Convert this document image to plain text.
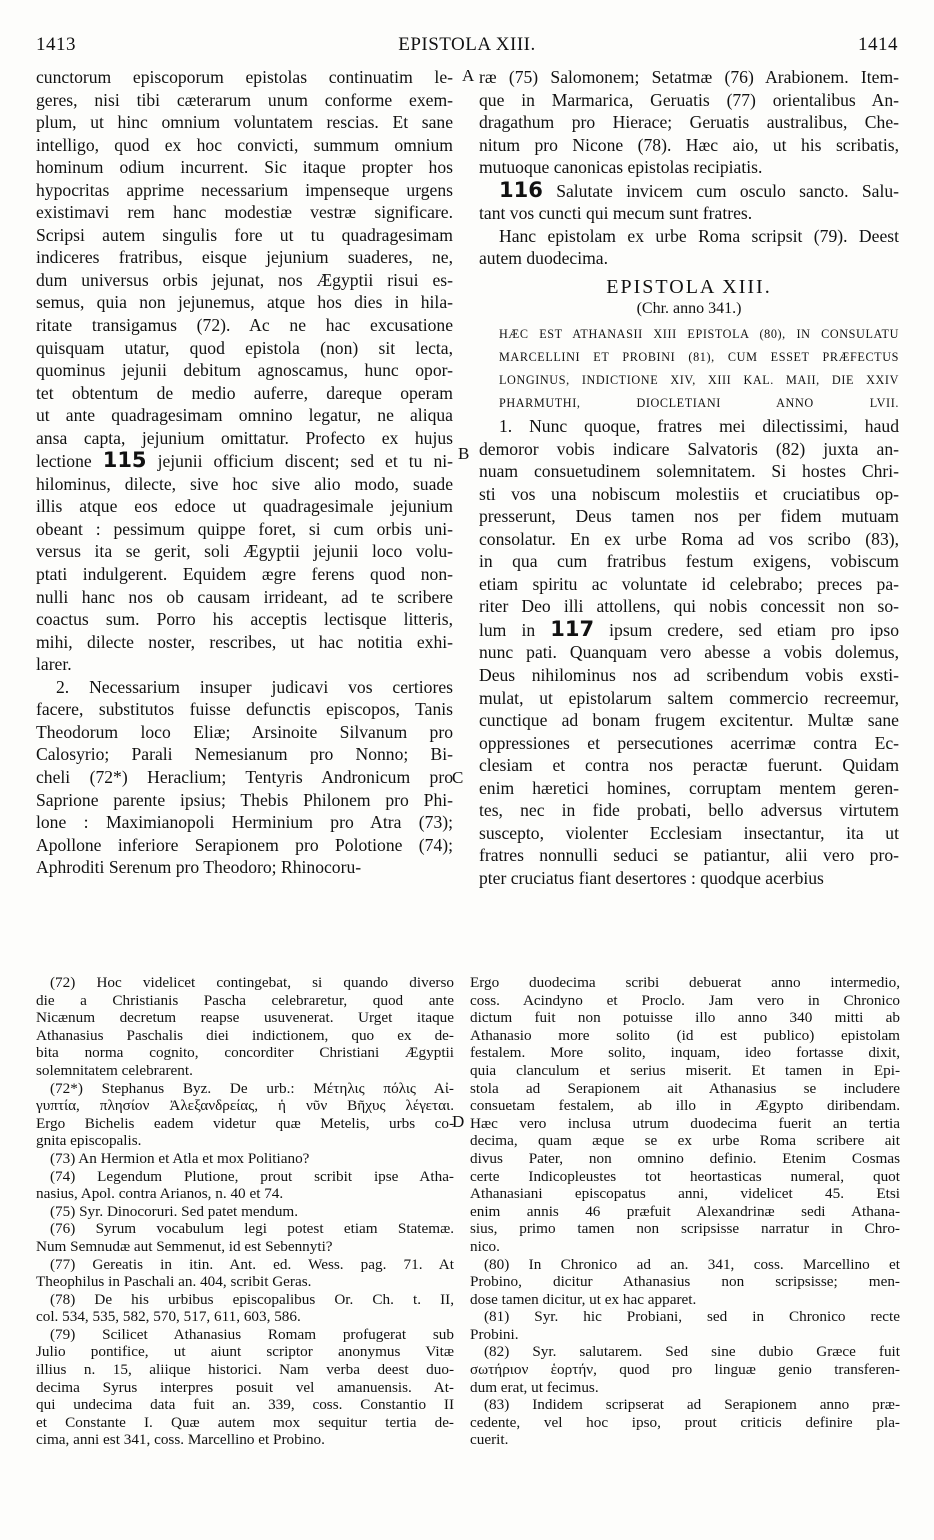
1413	EPISTOLA XIII.	1414
A
B
C
D
cunctorum episcoporum epistolas continuatim le-
geres, nisi tibi cæterarum unum conforme exem-
plum, ut hinc omnium voluntatem rescias. Et sane
intelligo, quod ex hoc convicti, summum omnium
hominum odium incurrent. Sic itaque propter hos
hypocritas apprime necessarium impenseque urgens
existimavi rem hanc modestiæ vestræ significare.
Scripsi autem singulis fore ut tu quadragesimam
indiceres fratribus, eisque jejunium suaderes, ne,
dum universus orbis jejunat, nos Ægyptii risui es-
semus, quia non jejunemus, atque hos dies in hila-
ritate transigamus (72). Ac ne hac excusatione
quisquam utatur, quod epistola (non) sit lecta,
quominus jejunii debitum agnoscamus, hunc opor-
tet obtentum de medio auferre, dareque operam
ut ante quadragesimam omnino legatur, ne aliqua
ansa capta, jejunium omittatur. Profecto ex hujus
lectione 115 jejunii officium discent; sed et tu ni-
hilominus, dilecte, sive hoc sive alio modo, suade
illis atque eos edoce ut quadragesimale jejunium
obeant : pessimum quippe foret, si cum orbis uni-
versus ita se gerit, soli Ægyptii jejunii loco volu-
ptati indulgerent. Equidem ægre ferens quod non-
nulli hanc nos ob causam irrideant, ad te scribere
coactus sum. Porro his acceptis lectisque litteris,
mihi, dilecte noster, rescribes, ut hac notitia exhi-
larer.
2. Necessarium insuper judicavi vos certiores
facere, substitutos fuisse defunctis episcopos, Tanis
Theodorum loco Eliæ; Arsinoite Silvanum pro
Calosyrio; Parali Nemesianum pro Nonno; Bi-
cheli (72*) Heraclium; Tentyris Andronicum pro
Saprione parente ipsius; Thebis Philonem pro Phi-
lone : Maximianopoli Herminium pro Atra (73);
Apollone inferiore Serapionem pro Polotione (74);
Aphroditi Serenum pro Theodoro; Rhinocoru-
ræ (75) Salomonem; Setatmæ (76) Arabionem. Item-
que in Marmarica, Geruatis (77) orientalibus An-
dragathum pro Hierace; Geruatis australibus, Che-
nitum pro Nicone (78). Hæc aio, ut his scribatis,
mutuoque canonicas epistolas recipiatis.
116 Salutate invicem cum osculo sancto. Salu-
tant vos cuncti qui mecum sunt fratres.
Hanc epistolam ex urbe Roma scripsit (79). Deest
autem duodecima.
EPISTOLA XIII.
(Chr. anno 341.)
HÆC EST ATHANASII XIII EPISTOLA (80), IN CONSULATU
MARCELLINI ET PROBINI (81), CUM ESSET PRÆFECTUS
LONGINUS, INDICTIONE XIV, XIII KAL. MAII, DIE XXIV
PHARMUTHI, DIOCLETIANI ANNO LVII.
1. Nunc quoque, fratres mei dilectissimi, haud
demoror vobis indicare Salvatoris (82) juxta an-
nuam consuetudinem solemnitatem. Si hostes Chri-
sti vos una nobiscum molestiis et cruciatibus op-
presserunt, Deus tamen nos per fidem mutuam
consolatur. En ex urbe Roma ad vos scribo (83),
in qua cum fratribus festum exigens, vobiscum
etiam spiritu ac voluntate id celebrabo; preces pa-
riter Deo illi attollens, qui nobis concessit non so-
lum in 117 ipsum credere, sed etiam pro ipso
nunc pati. Quanquam vero abesse a vobis dolemus,
Deus nihilominus nos ad scribendum vobis exsti-
mulat, ut epistolarum saltem commercio recreemur,
cunctique ad bonam frugem excitentur. Multæ sane
oppressiones et persecutiones acerrimæ contra Ec-
clesiam et contra nos peractæ fuerunt. Quidam
enim hæretici homines, corruptam mentem geren-
tes, nec in fide probati, bello adversus virtutem
suscepto, violenter Ecclesiam insectantur, ita ut
fratres nonnulli seduci se patiantur, alii vero pro-
pter cruciatus fiant desertores : quodque acerbius
(72) Hoc videlicet contingebat, si quando diverso
die a Christianis Pascha celebraretur, quod ante
Nicænum decretum reapse usuvenerat. Urget itaque
Athanasius Paschalis diei indictionem, quo ex de-
bita norma cognito, concorditer Christiani Ægyptii
solemnitatem celebrarent.
(72*) Stephanus Byz. De urb.: Μέτηλις πόλις Αἰ-
γυπτία, πλησίον Ἀλεξανδρείας, ἡ νῦν Βῆχυς λέγεται.
Ergo Bichelis eadem videtur quæ Metelis, urbs co-
gnita episcopalis.
(73) An Hermion et Atla et mox Politiano?
(74) Legendum Plutione, prout scribit ipse Atha-
nasius, Apol. contra Arianos, n. 40 et 74.
(75) Syr. Dinocoruri. Sed patet mendum.
(76) Syrum vocabulum legi potest etiam Statemæ.
Num Semnudæ aut Semmenut, id est Sebennyti?
(77) Gereatis in itin. Ant. ed. Wess. pag. 71. At
Theophilus in Paschali an. 404, scribit Geras.
(78) De his urbibus episcopalibus Or. Ch. t. II,
col. 534, 535, 582, 570, 517, 611, 603, 586.
(79) Scilicet Athanasius Romam profugerat sub
Julio pontifice, ut aiunt scriptor anonymus Vitæ
illius n. 15, aliique historici. Nam verba deest duo-
decima Syrus interpres posuit vel amanuensis. At-
qui undecima data fuit an. 339, coss. Constantio II
et Constante I. Quæ autem mox sequitur tertia de-
cima, anni est 341, coss. Marcellino et Probino.
Ergo duodecima scribi debuerat anno intermedio,
coss. Acindyno et Proclo. Jam vero in Chronico
dictum fuit non potuisse illo anno 340 mitti ab
Athanasio more solito (id est publico) epistolam
festalem. More solito, inquam, ideo fortasse dixit,
quia clanculum et serius miserit. Et tamen in Epi-
stola ad Serapionem ait Athanasius se includere
consuetam festalem, ab illo in Ægypto diribendam.
Hæc vero inclusa utrum duodecima fuerit an tertia
decima, quam æque se ex urbe Roma scribere ait
divus Pater, non omnino definio. Etenim Cosmas
certe Indicopleustes tot heortasticas numeral, quot
Athanasiani episcopatus anni, videlicet 45. Etsi
enim annis 46 præfuit Alexandrinæ sedi Athana-
sius, primo tamen non scripsisse narratur in Chro-
nico.
(80) In Chronico ad an. 341, coss. Marcellino et
Probino, dicitur Athanasius non scripsisse; men-
dose tamen dicitur, ut ex hac apparet.
(81) Syr. hic Probiani, sed in Chronico recte
Probini.
(82) Syr. salutarem. Sed sine dubio Græce fuit
σωτήριον ἑορτήν, quod pro linguæ genio transferen-
dum erat, ut fecimus.
(83) Indidem scripserat ad Serapionem anno præ-
cedente, vel hoc ipso, prout criticis definire pla-
cuerit.
